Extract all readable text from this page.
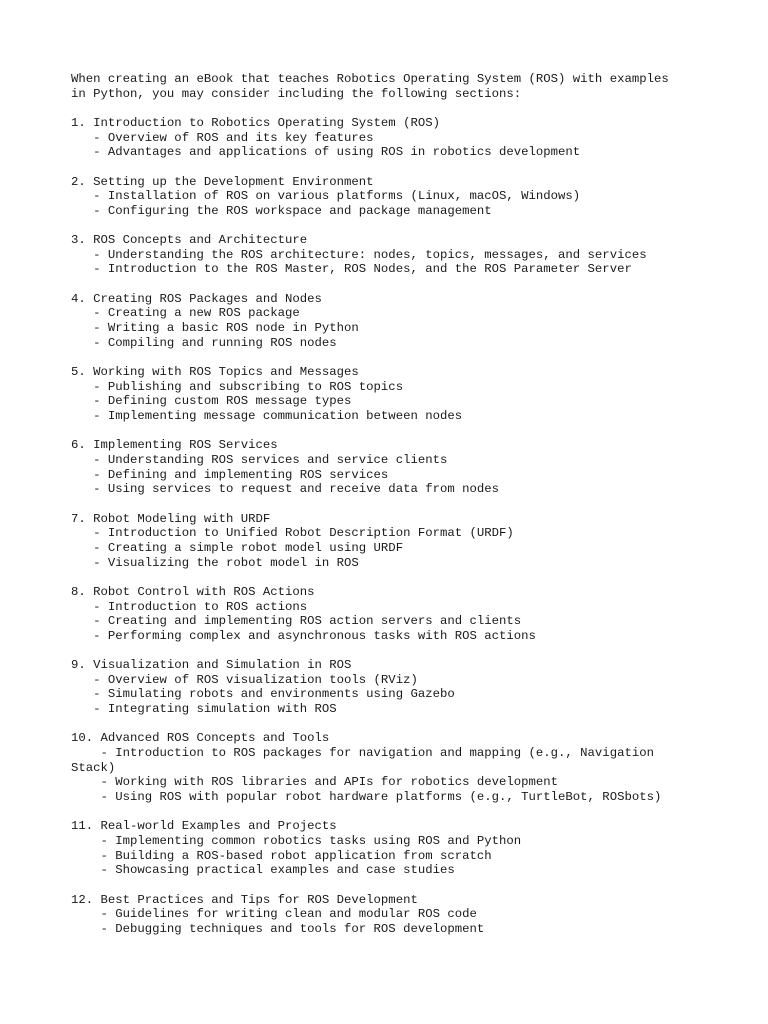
When creating an eBook that teaches Robotics Operating System (ROS) with examples
in Python, you may consider including the following sections:
1. Introduction to Robotics Operating System (ROS)
- Overview of ROS and its key features
- Advantages and applications of using ROS in robotics development
2. Setting up the Development Environment
- Installation of ROS on various platforms (Linux, macOS, Windows)
- Configuring the ROS workspace and package management
3. ROS Concepts and Architecture
- Understanding the ROS architecture: nodes, topics, messages, and services
- Introduction to the ROS Master, ROS Nodes, and the ROS Parameter Server
4. Creating ROS Packages and Nodes
- Creating a new ROS package
- Writing a basic ROS node in Python
- Compiling and running ROS nodes
5. Working with ROS Topics and Messages
- Publishing and subscribing to ROS topics
- Defining custom ROS message types
- Implementing message communication between nodes
6. Implementing ROS Services
- Understanding ROS services and service clients
- Defining and implementing ROS services
- Using services to request and receive data from nodes
7. Robot Modeling with URDF
- Introduction to Unified Robot Description Format (URDF)
- Creating a simple robot model using URDF
- Visualizing the robot model in ROS
8. Robot Control with ROS Actions
- Introduction to ROS actions
- Creating and implementing ROS action servers and clients
- Performing complex and asynchronous tasks with ROS actions
9. Visualization and Simulation in ROS
- Overview of ROS visualization tools (RViz)
- Simulating robots and environments using Gazebo
- Integrating simulation with ROS
10. Advanced ROS Concepts and Tools
- Introduction to ROS packages for navigation and mapping (e.g., Navigation
Stack)
- Working with ROS libraries and APIs for robotics development
- Using ROS with popular robot hardware platforms (e.g., TurtleBot, ROSbots)
11. Real-world Examples and Projects
- Implementing common robotics tasks using ROS and Python
- Building a ROS-based robot application from scratch
- Showcasing practical examples and case studies
12. Best Practices and Tips for ROS Development
- Guidelines for writing clean and modular ROS code
- Debugging techniques and tools for ROS development
